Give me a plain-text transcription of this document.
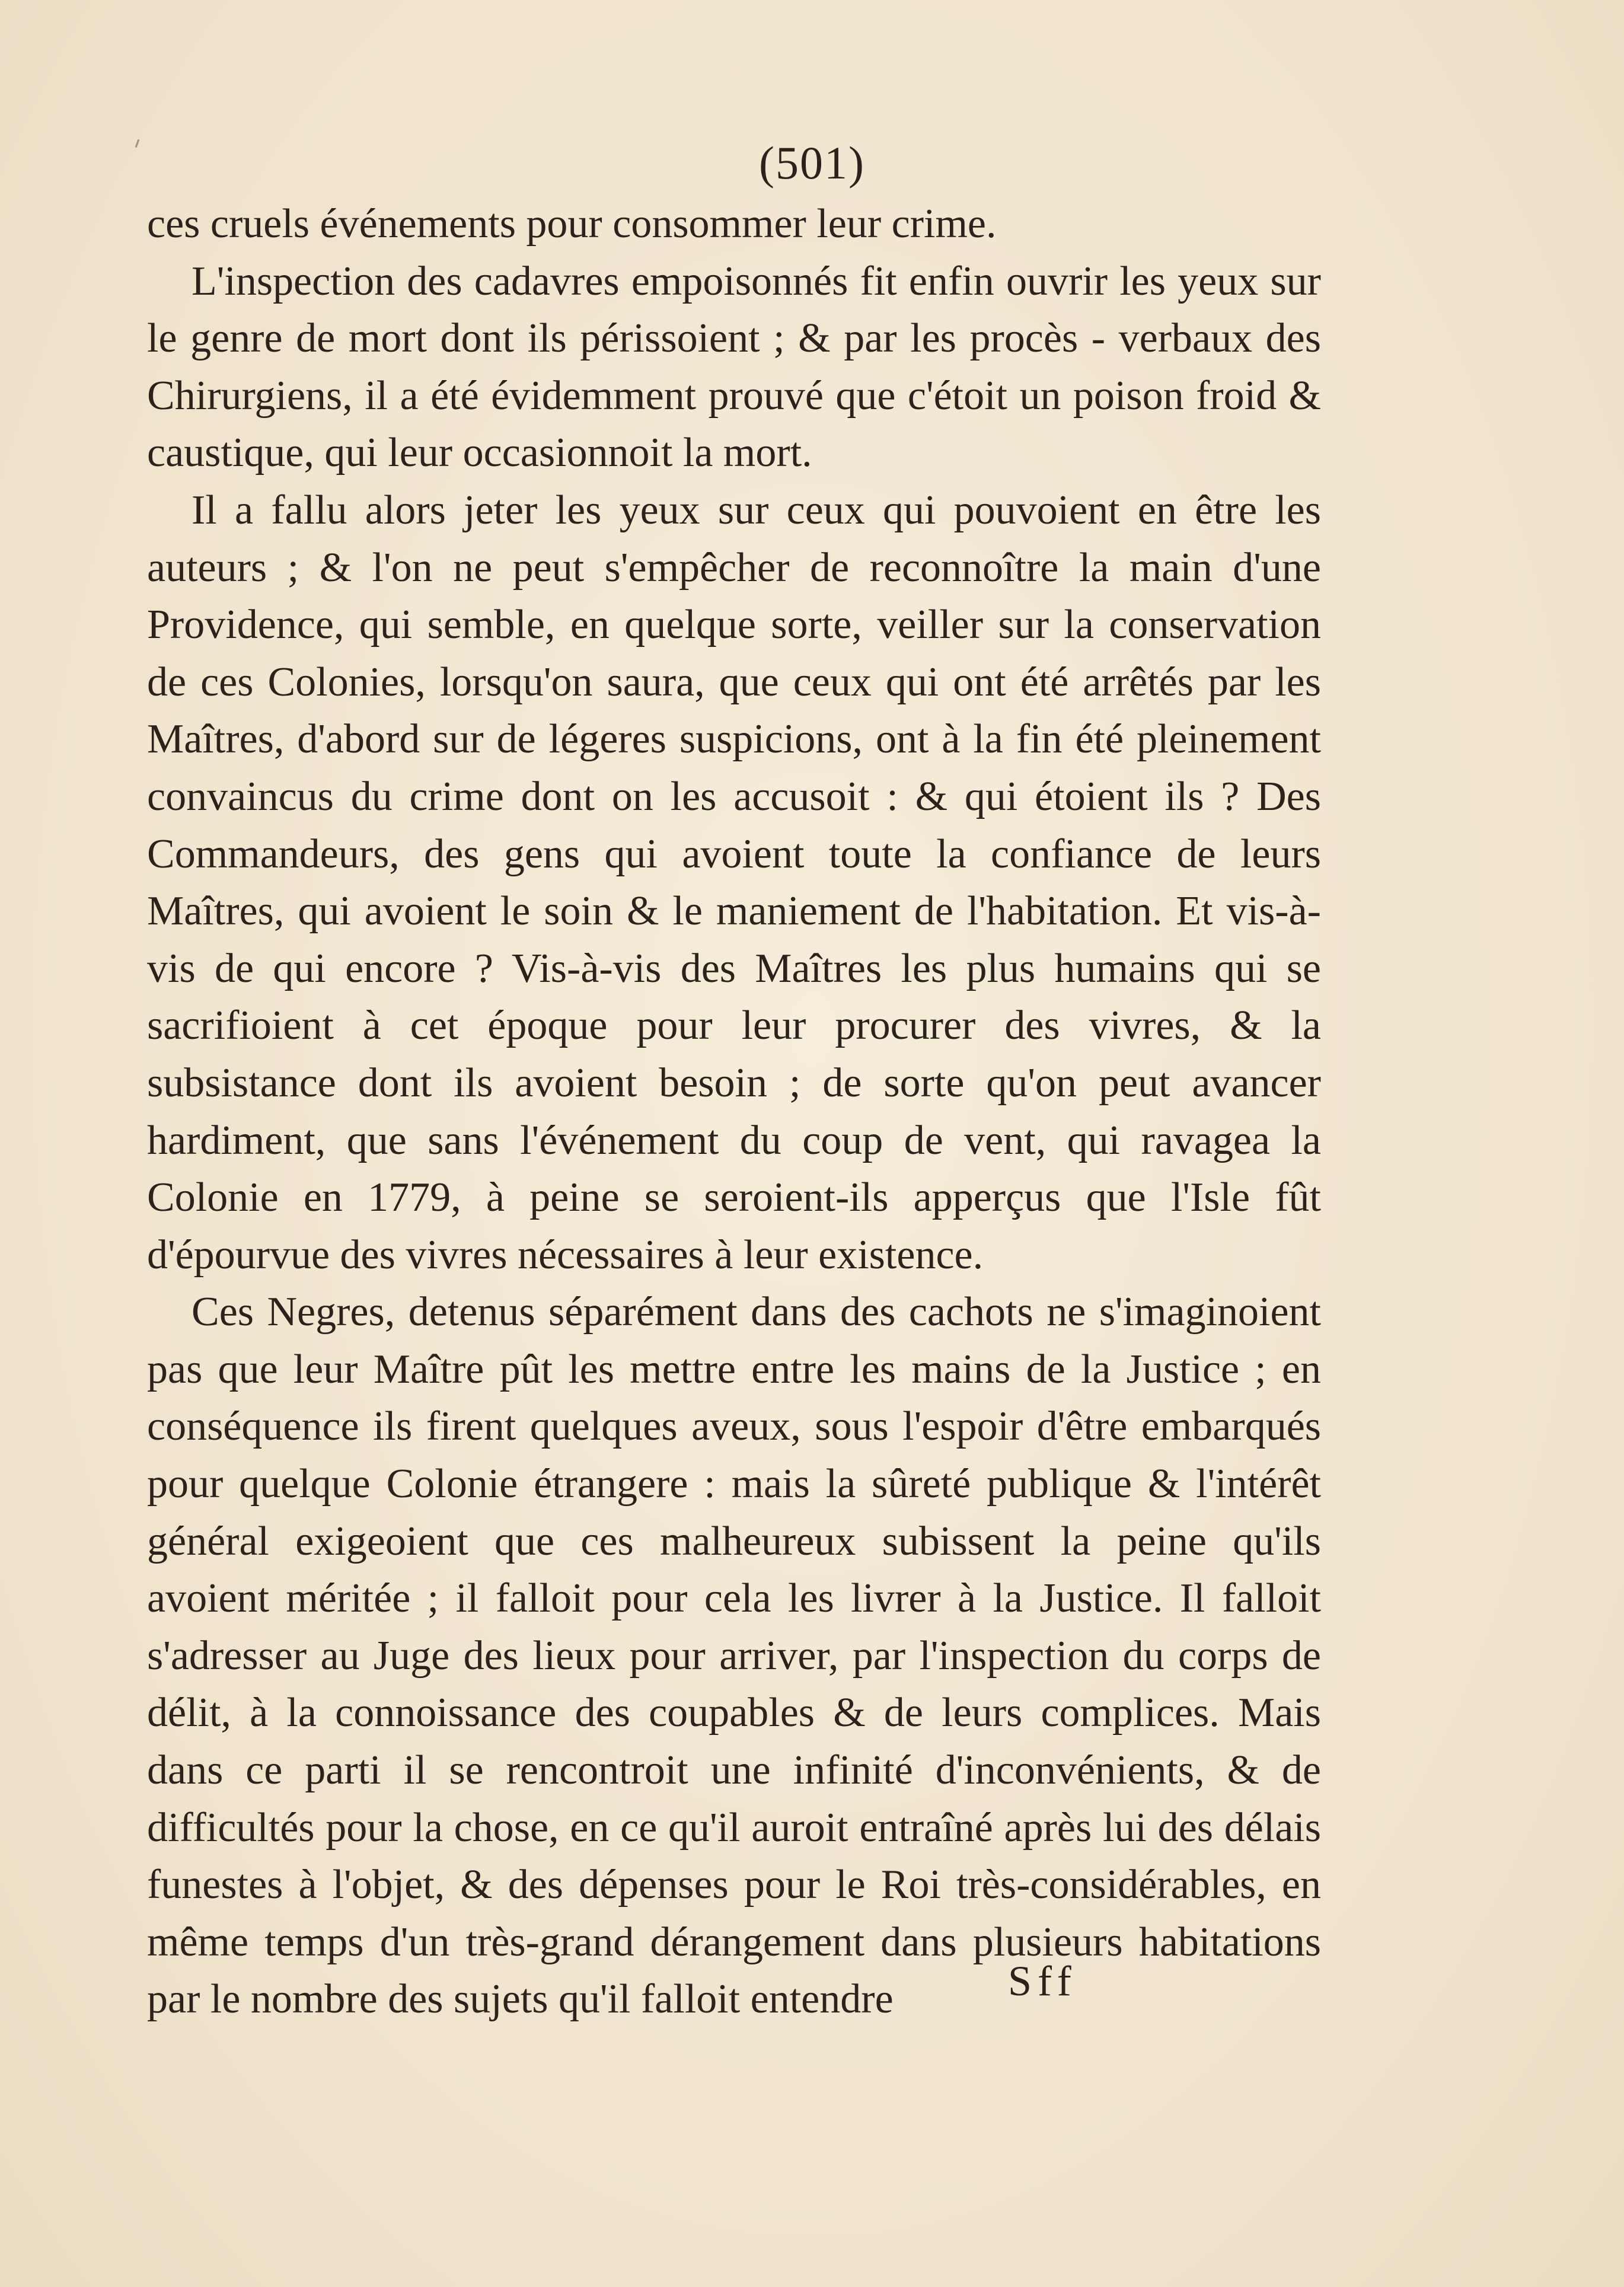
(501)

ces cruels événements pour consommer leur crime.

L'inspection des cadavres empoisonnés fit enfin ouvrir les yeux sur le genre de mort dont ils périssoient ; & par les procès - verbaux des Chirurgiens, il a été évidemment prouvé que c'étoit un poison froid & caustique, qui leur occasionnoit la mort.

Il a fallu alors jeter les yeux sur ceux qui pouvoient en être les auteurs ; & l'on ne peut s'empêcher de reconnoître la main d'une Providence, qui semble, en quelque sorte, veiller sur la conservation de ces Colonies, lorsqu'on saura, que ceux qui ont été arrêtés par les Maîtres, d'abord sur de légeres suspicions, ont à la fin été pleinement convaincus du crime dont on les accusoit : & qui étoient ils ? Des Commandeurs, des gens qui avoient toute la confiance de leurs Maîtres, qui avoient le soin & le maniement de l'habitation. Et vis-à-vis de qui encore ? Vis-à-vis des Maîtres les plus humains qui se sacrifioient à cet époque pour leur procurer des vivres, & la subsistance dont ils avoient besoin ; de sorte qu'on peut avancer hardiment, que sans l'événement du coup de vent, qui ravagea la Colonie en 1779, à peine se seroient-ils apperçus que l'Isle fût d'épourvue des vivres nécessaires à leur existence.

Ces Negres, detenus séparément dans des cachots ne s'imaginoient pas que leur Maître pût les mettre entre les mains de la Justice ; en conséquence ils firent quelques aveux, sous l'espoir d'être embarqués pour quelque Colonie étrangere : mais la sûreté publique & l'intérêt général exigeoient que ces malheureux subissent la peine qu'ils avoient méritée ; il falloit pour cela les livrer à la Justice. Il falloit s'adresser au Juge des lieux pour arriver, par l'inspection du corps de délit, à la connoissance des coupables & de leurs complices. Mais dans ce parti il se rencontroit une infinité d'inconvénients, & de difficultés pour la chose, en ce qu'il auroit entraîné après lui des délais funestes à l'objet, & des dépenses pour le Roi très-considérables, en même temps d'un très-grand dérangement dans plusieurs habitations par le nombre des sujets qu'il falloit entendre	Sff
